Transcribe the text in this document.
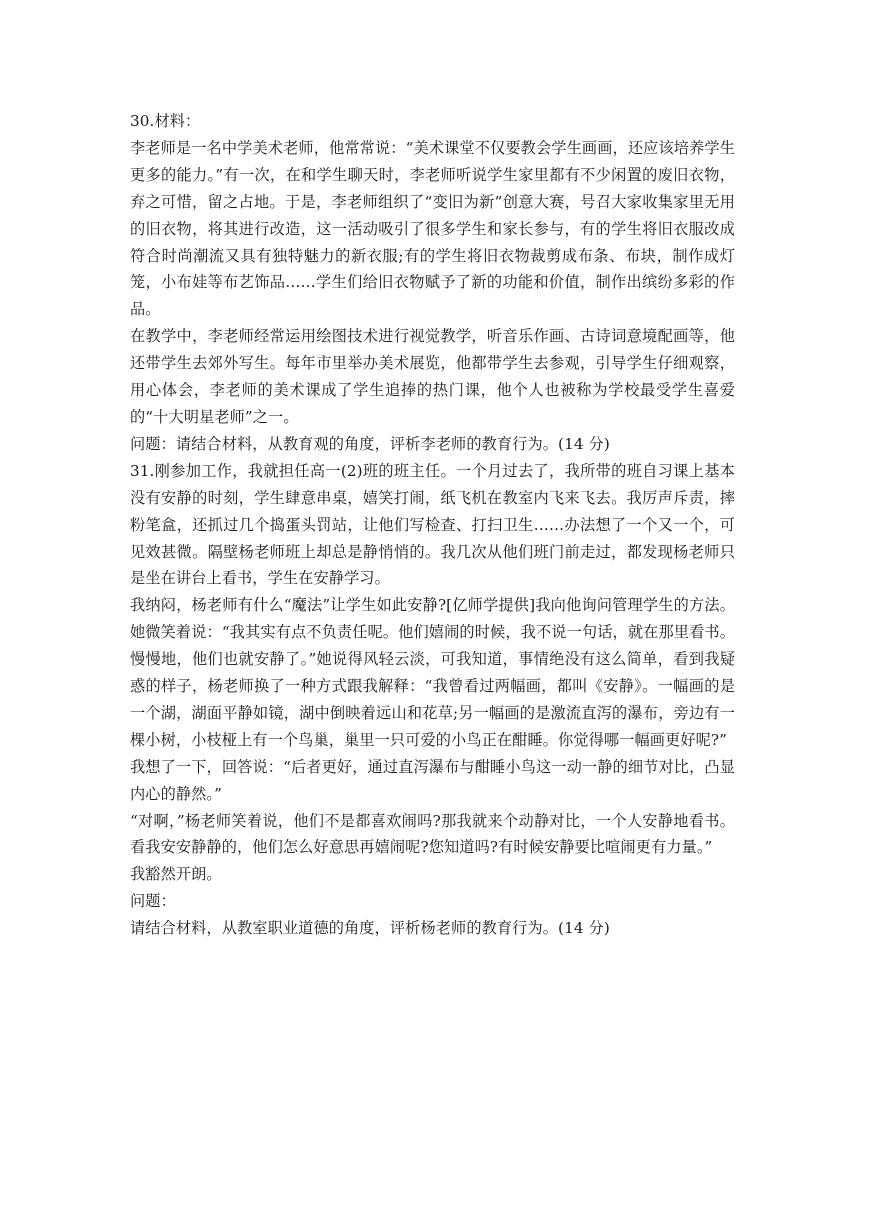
30.材料：

李老师是一名中学美术老师，他常常说：“美术课堂不仅要教会学生画画，还应该培养学生更多的能力。”有一次，在和学生聊天时，李老师听说学生家里都有不少闲置的废旧衣物，弃之可惜，留之占地。于是，李老师组织了“变旧为新”创意大赛，号召大家收集家里无用的旧衣物，将其进行改造，这一活动吸引了很多学生和家长参与，有的学生将旧衣服改成符合时尚潮流又具有独特魅力的新衣服;有的学生将旧衣物裁剪成布条、布块，制作成灯笼，小布娃等布艺饰品……学生们给旧衣物赋予了新的功能和价值，制作出缤纷多彩的作品。

在教学中，李老师经常运用绘图技术进行视觉教学，听音乐作画、古诗词意境配画等，他还带学生去郊外写生。每年市里举办美术展览，他都带学生去参观，引导学生仔细观察，用心体会，李老师的美术课成了学生追捧的热门课，他个人也被称为学校最受学生喜爱的“十大明星老师”之一。

问题：请结合材料，从教育观的角度，评析李老师的教育行为。(14 分)

31.刚参加工作，我就担任高一(2)班的班主任。一个月过去了，我所带的班自习课上基本没有安静的时刻，学生肆意串桌，嬉笑打闹，纸飞机在教室内飞来飞去。我厉声斥责，摔粉笔盒，还抓过几个捣蛋头罚站，让他们写检查、打扫卫生……办法想了一个又一个，可见效甚微。隔壁杨老师班上却总是静悄悄的。我几次从他们班门前走过，都发现杨老师只是坐在讲台上看书，学生在安静学习。

我纳闷，杨老师有什么“魔法”让学生如此安静?[亿师学提供]我向他询问管理学生的方法。她微笑着说：“我其实有点不负责任呢。他们嬉闹的时候，我不说一句话，就在那里看书。慢慢地，他们也就安静了。”她说得风轻云淡，可我知道，事情绝没有这么简单，看到我疑惑的样子，杨老师换了一种方式跟我解释：“我曾看过两幅画，都叫《安静》。一幅画的是一个湖，湖面平静如镜，湖中倒映着远山和花草;另一幅画的是激流直泻的瀑布，旁边有一棵小树，小枝桠上有一个鸟巢，巢里一只可爱的小鸟正在酣睡。你觉得哪一幅画更好呢?”

我想了一下，回答说：“后者更好，通过直泻瀑布与酣睡小鸟这一动一静的细节对比，凸显内心的静然。”

“对啊，”杨老师笑着说，他们不是都喜欢闹吗?那我就来个动静对比，一个人安静地看书。看我安安静静的，他们怎么好意思再嬉闹呢?您知道吗?有时候安静要比喧闹更有力量。”

我豁然开朗。

问题：

请结合材料，从教室职业道德的角度，评析杨老师的教育行为。(14 分)
